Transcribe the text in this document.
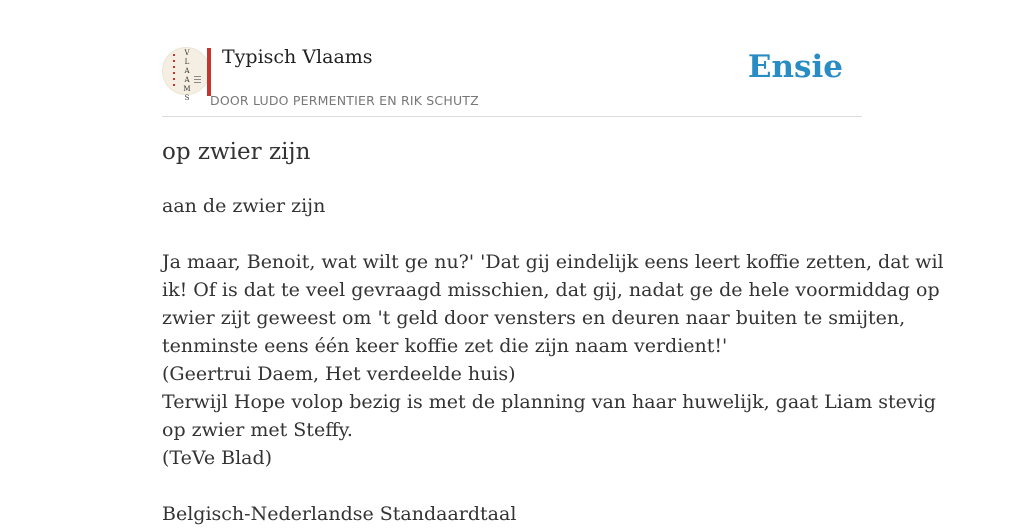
V
L
A
A
M
S
Typisch Vlaams
DOOR LUDO PERMENTIER EN RIK SCHUTZ
Ensie
op zwier zijn
aan de zwier zijn
Ja maar, Benoit, wat wilt ge nu?' 'Dat gij eindelijk eens leert koffie zetten, dat wil
ik! Of is dat te veel gevraagd misschien, dat gij, nadat ge de hele voormiddag op
zwier zijt geweest om 't geld door vensters en deuren naar buiten te smijten,
tenminste eens één keer koffie zet die zijn naam verdient!'
(Geertrui Daem, Het verdeelde huis)
Terwijl Hope volop bezig is met de planning van haar huwelijk, gaat Liam stevig
op zwier met Steffy.
(TeVe Blad)
Belgisch-Nederlandse Standaardtaal
